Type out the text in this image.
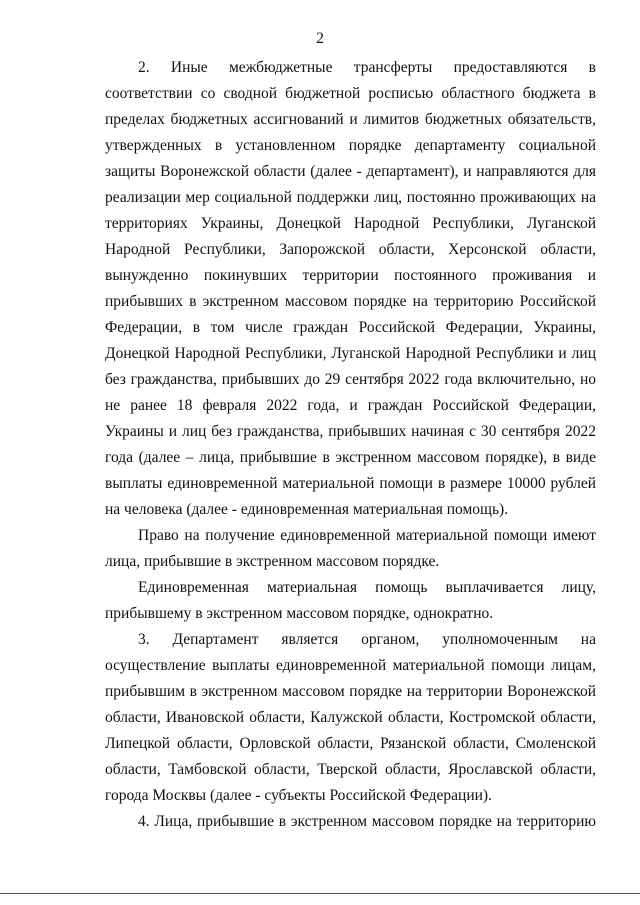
2

2. Иные межбюджетные трансферты предоставляются в соответствии со сводной бюджетной росписью областного бюджета в пределах бюджетных ассигнований и лимитов бюджетных обязательств, утвержденных в установленном порядке департаменту социальной защиты Воронежской области (далее - департамент), и направляются для реализации мер социальной поддержки лиц, постоянно проживающих на территориях Украины, Донецкой Народной Республики, Луганской Народной Республики, Запорожской области, Херсонской области, вынужденно покинувших территории постоянного проживания и прибывших в экстренном массовом порядке на территорию Российской Федерации, в том числе граждан Российской Федерации, Украины, Донецкой Народной Республики, Луганской Народной Республики и лиц без гражданства, прибывших до 29 сентября 2022 года включительно, но не ранее 18 февраля 2022 года, и граждан Российской Федерации, Украины и лиц без гражданства, прибывших начиная с 30 сентября 2022 года (далее – лица, прибывшие в экстренном массовом порядке), в виде выплаты единовременной материальной помощи в размере 10000 рублей на человека (далее - единовременная материальная помощь).

Право на получение единовременной материальной помощи имеют лица, прибывшие в экстренном массовом порядке.

Единовременная материальная помощь выплачивается лицу, прибывшему в экстренном массовом порядке, однократно.

3. Департамент является органом, уполномоченным на осуществление выплаты единовременной материальной помощи лицам, прибывшим в экстренном массовом порядке на территории Воронежской области, Ивановской области, Калужской области, Костромской области, Липецкой области, Орловской области, Рязанской области, Смоленской области, Тамбовской области, Тверской области, Ярославской области, города Москвы (далее - субъекты Российской Федерации).

4. Лица, прибывшие в экстренном массовом порядке на территорию
